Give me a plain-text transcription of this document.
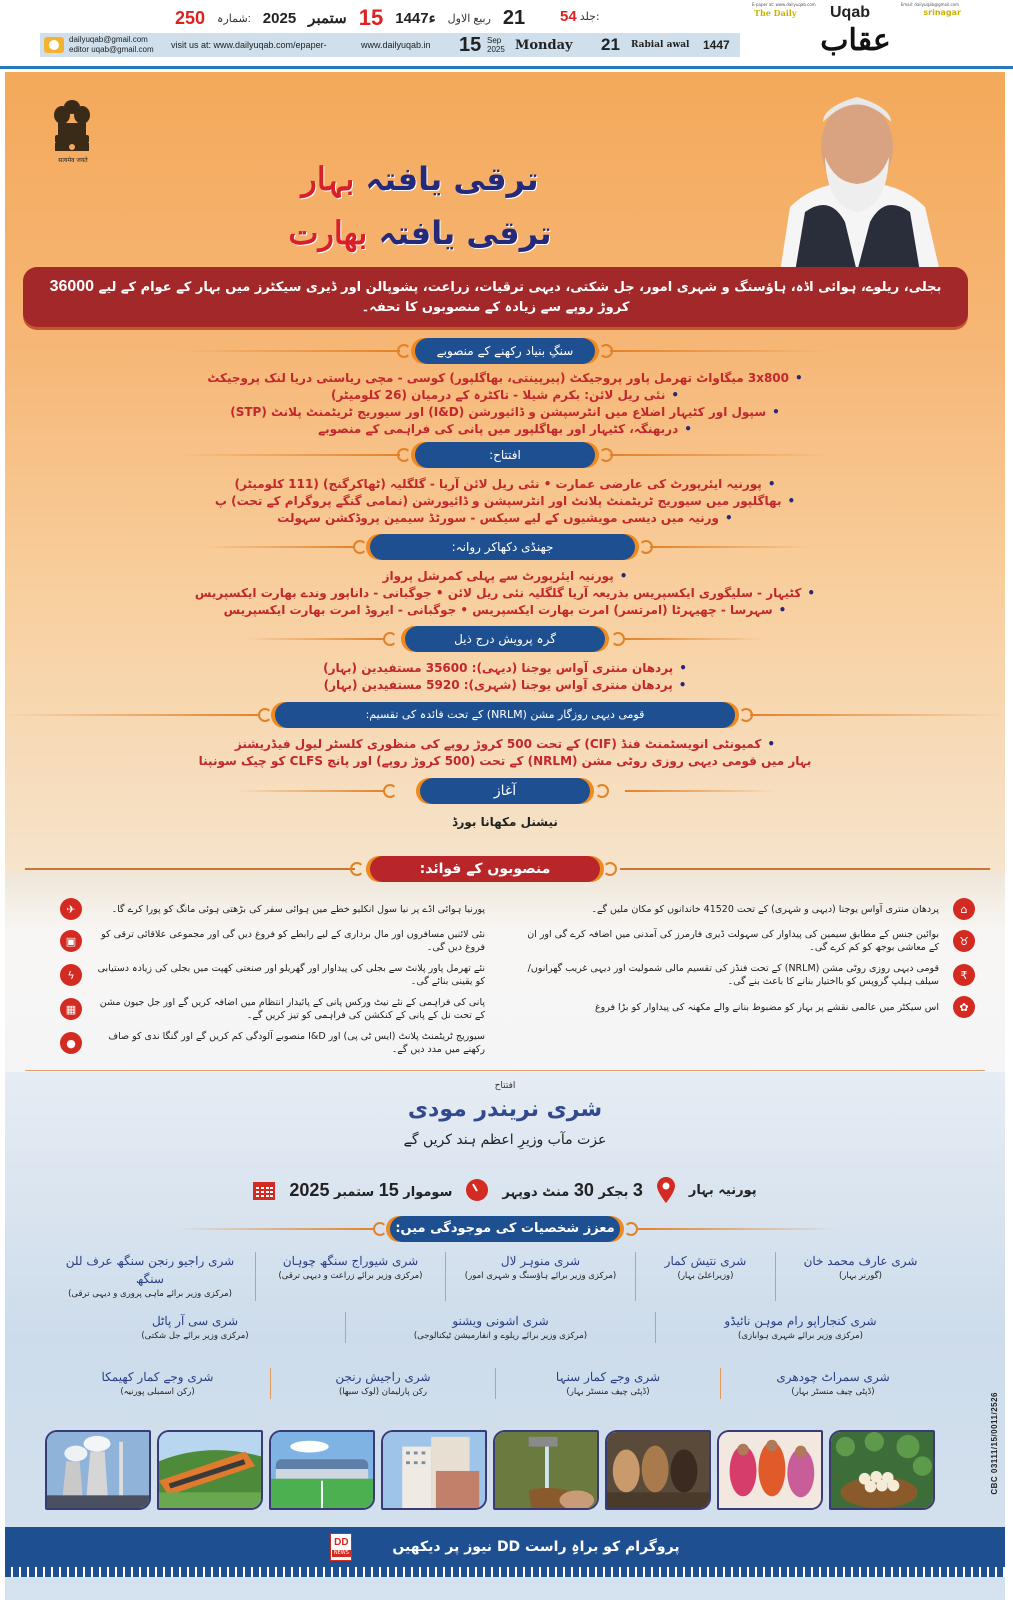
250 شمارہ: 2025 ستمبر 15 1447ء ربیع الاول 21 54 جلد:
dailyuqab@gmail.com
editor uqab@gmail.com	visit us at: www.dailyuqab.com/epaper-	www.dailyuqab.in	15 Sep
2025 Monday	21	Rabial awal	1447
E-paper at: www.dailyuqab.com	Email: dailyuqab@gmail.com
The Daily Uqab	srinagar
عقاب
सत्यमेव जयते	ترقی یافتہ بہار
ترقی یافتہ بھارت
بجلی، ریلوے، ہوائی اڈہ، ہاؤسنگ و شہری امور، جل شکتی، دیہی ترقیات، زراعت، پشوپالن اور ڈیری سیکٹرز میں بہار کے عوام کے لیے 36000 کروڑ روپے سے زیادہ کے منصوبوں کا تحفہ۔
سنگِ بنیاد رکھنے کے منصوبے
•3x800 میگاواٹ تھرمل پاور پروجیکٹ (پیرپینتی، بھاگلپور) کوسی - مچی ریاستی دریا لنک پروجیکٹ
•نئی ریل لائن: بکرم شیلا - تاکٹرہ کے درمیان (26 کلومیٹر)
•سپول اور کٹیہار اضلاع میں انٹرسپشن و ڈائیورشن (I&D) اور سیوریج ٹریٹمنٹ پلانٹ (STP)
•دربھنگہ، کٹیہار اور بھاگلپور میں پانی کی فراہمی کے منصوبے
افتتاح:
•پورنیہ ایئرپورٹ کی عارضی عمارت • نئی ریل لائن آریا - گلگلیہ (ٹھاکرگنج) (111 کلومیٹر)
•بھاگلپور میں سیوریج ٹریٹمنٹ پلانٹ اور انٹرسپشن و ڈائیورشن (نمامی گنگے پروگرام کے تحت) پ
•ورنیہ میں دیسی مویشیوں کے لیے سیکس - سورٹڈ سیمین پروڈکشن سہولت
جھنڈی دکھاکر روانہ:
•پورنیہ ایئرپورٹ سے پہلی کمرشل پرواز
•کٹیہار - سلیگوری ایکسپریس بذریعہ آریا گلگلیہ نئی ریل لائن • جوگبانی - داناپور وندے بھارت ایکسپریس
•سہرسا - چھیہرٹا (امرتسر) امرت بھارت ایکسپریس • جوگبانی - ایروڈ امرت بھارت ایکسپریس
گرہ پرویش درج ذیل
•پردھان منتری آواس یوجنا (دیہی): 35600 مستفیدین (بہار)
•پردھان منتری آواس یوجنا (شہری): 5920 مستفیدین (بہار)
قومی دیہی روزگار مشن (NRLM) کے تحت فائدہ کی تقسیم:
•کمیونٹی انویسٹمنٹ فنڈ (CIF) کے تحت 500 کروڑ روپے کی منظوری کلسٹر لیول فیڈریشنز
بہار میں قومی دیہی روزی روٹی مشن (NRLM) کے تحت (500 کروڑ روپے) اور پانچ CLFS کو چیک سونپنا
آغاز
نیشنل مکھانا بورڈ
منصوبوں کے فوائد:
⌂
پردھان منتری آواس یوجنا (دیہی و شہری) کے تحت 41520 خاندانوں کو مکان ملیں گے۔
♉
بوائین جنس کے مطابق سیمین کی پیداوار کی سہولت ڈیری فارمرز کی آمدنی میں اضافہ کرے گی اور ان کے معاشی بوجھ کو کم کرے گی۔
₹
قومی دیہی روزی روٹی مشن (NRLM) کے تحت فنڈز کی تقسیم مالی شمولیت اور دیہی غریب گھرانوں/سیلف ہیلپ گروپس کو بااختیار بنانے کا باعث بنے گی۔
✿
اس سیکٹر میں عالمی نقشے پر بہار کو مضبوط بنانے والے مکھنہ کی پیداوار کو بڑا فروغ
✈	پورنیا ہوائی اڈے پر نیا سول انکلیو خطے میں ہوائی سفر کی بڑھتی ہوئی مانگ کو پورا کرے گا۔
▣	نئی لائنیں مسافروں اور مال برداری کے لیے رابطے کو فروغ دیں گی اور مجموعی علاقائی ترقی کو فروغ دیں گی۔
ϟ	نئے تھرمل پاور پلانٹ سے بجلی کی پیداوار اور گھریلو اور صنعتی کھپت میں بجلی کی زیادہ دستیابی کو یقینی بنائے گی۔
▦	پانی کی فراہمی کے نئے نیٹ ورکس پانی کے پائیدار انتظام میں اضافہ کریں گے اور جل جیون مشن کے تحت نل کے پانی کے کنکشن کی فراہمی کو تیز کریں گے۔
●	سیوریج ٹریٹمنٹ پلانٹ (ایس ٹی پی) اور I&D منصوبے آلودگی کم کریں گے اور گنگا ندی کو صاف رکھنے میں مدد دیں گے۔
افتتاح
شری نریندر مودی
عزت مآب وزیرِ اعظم ہند کریں گے
پورنیہ بہار
3 بجکر 30 منٹ دوپہر
سوموار 15 ستمبر 2025
معزز شخصیات کی موجودگی میں:
شری عارف محمد خان
(گورنر بہار)
شری نتیش کمار
(وزیراعلیٰ بہار)
شری منوہر لال
(مرکزی وزیر برائے ہاؤسنگ و شہری امور)
شری شیوراج سنگھ چوہان
(مرکزی وزیر برائے زراعت و دیہی ترقی)
شری راجیو رنجن سنگھ عرف للن سنگھ
(مرکزی وزیر برائے ماہی پروری و دیہی ترقی)
شری کنجاراپو رام موہن نائیڈو
(مرکزی وزیر برائے شہری ہوابازی)
شری اشونی ویشنو
(مرکزی وزیر برائے ریلوے و انفارمیشن ٹیکنالوجی)
شری سی آر پاٹل
(مرکزی وزیر برائے جل شکتی)
شری سمراٹ چودھری
(ڈپٹی چیف منسٹر بہار)
شری وجے کمار سنہا
(ڈپٹی چیف منسٹر بہار)
شری راجیش رنجن
رکن پارلیمان (لوک سبھا)
شری وجے کمار کھیمکا
(رکن اسمبلی پورنیہ)	CBC 03111/15/0011/2526
DD
NEWS	پروگرام کو براہِ راست DD نیوز پر دیکھیں
